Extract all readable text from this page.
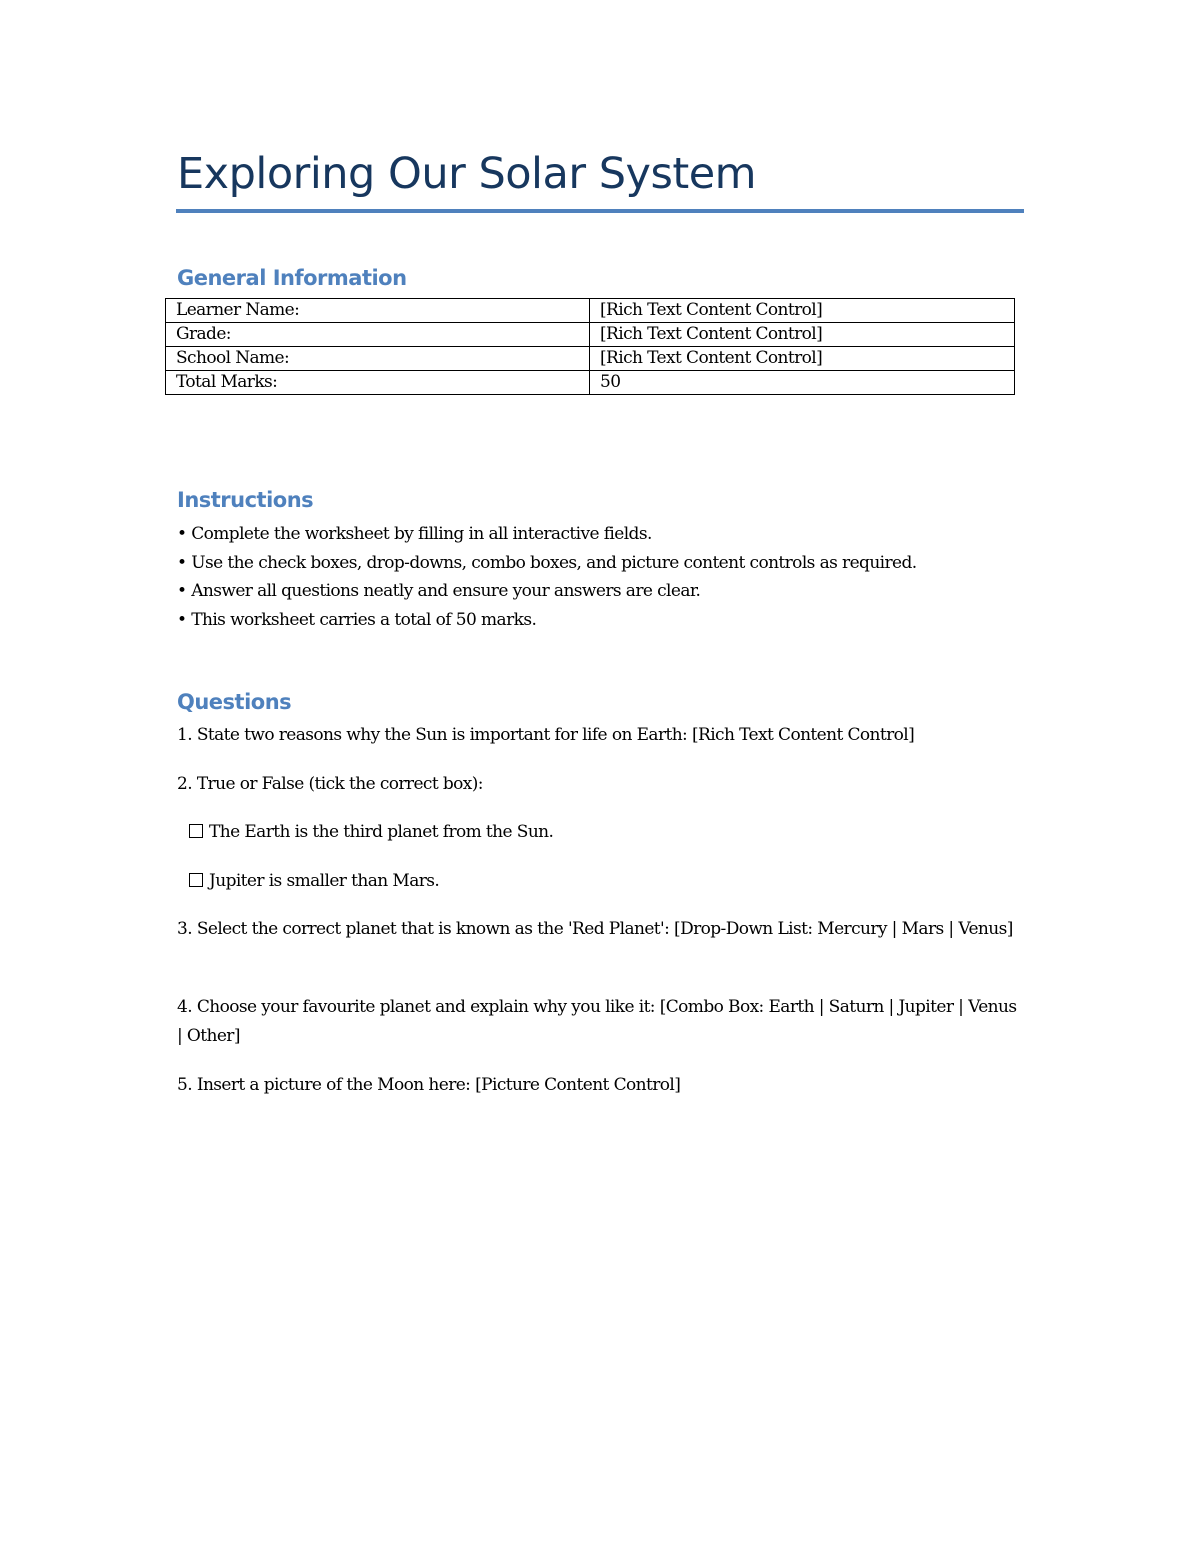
Exploring Our Solar System
General Information
Learner Name:	[Rich Text Content Control]
Grade:	[Rich Text Content Control]
School Name:	[Rich Text Content Control]
Total Marks:	50
Instructions
• Complete the worksheet by filling in all interactive fields.
• Use the check boxes, drop-downs, combo boxes, and picture content controls as required.
• Answer all questions neatly and ensure your answers are clear.
• This worksheet carries a total of 50 marks.
Questions

1. State two reasons why the Sun is important for life on Earth: [Rich Text Content Control]

2. True or False (tick the correct box):

The Earth is the third planet from the Sun.
Jupiter is smaller than Mars.

3. Select the correct planet that is known as the 'Red Planet': [Drop-Down List: Mercury | Mars | Venus]

4. Choose your favourite planet and explain why you like it: [Combo Box: Earth | Saturn | Jupiter | Venus | Other]

5. Insert a picture of the Moon here: [Picture Content Control]
